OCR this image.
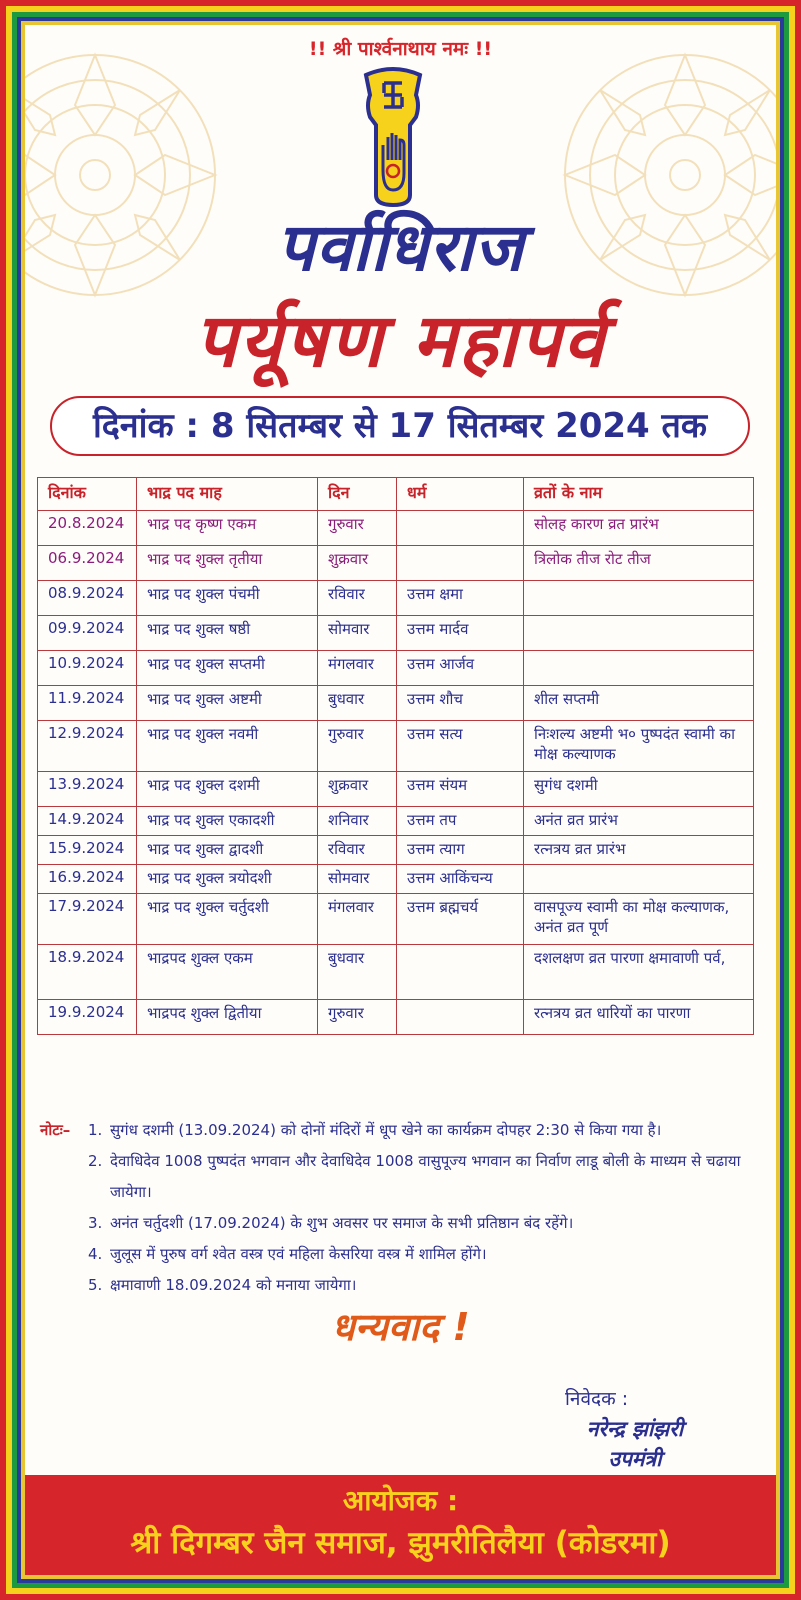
!! श्री पार्श्वनाथाय नमः !!
पर्वाधिराज
पर्यूषण महापर्व
दिनांक : 8 सितम्बर से 17 सितम्बर 2024 तक
दिनांक	भाद्र पद माह	दिन	धर्म	व्रतों के नाम
20.8.2024	भाद्र पद कृष्ण एकम	गुरुवार		सोलह कारण व्रत प्रारंभ
06.9.2024	भाद्र पद शुक्ल तृतीया	शुक्रवार		त्रिलोक तीज रोट तीज
08.9.2024	भाद्र पद शुक्ल पंचमी	रविवार	उत्तम क्षमा	
09.9.2024	भाद्र पद शुक्ल षष्ठी	सोमवार	उत्तम मार्दव	
10.9.2024	भाद्र पद शुक्ल सप्तमी	मंगलवार	उत्तम आर्जव	
11.9.2024	भाद्र पद शुक्ल अष्टमी	बुधवार	उत्तम शौच	शील सप्तमी
12.9.2024	भाद्र पद शुक्ल नवमी	गुरुवार	उत्तम सत्य	निःशल्य अष्टमी भ० पुष्पदंत स्वामी का मोक्ष कल्याणक
13.9.2024	भाद्र पद शुक्ल दशमी	शुक्रवार	उत्तम संयम	सुगंध दशमी
14.9.2024	भाद्र पद शुक्ल एकादशी	शनिवार	उत्तम तप	अनंत व्रत प्रारंभ
15.9.2024	भाद्र पद शुक्ल द्वादशी	रविवार	उत्तम त्याग	रत्नत्रय व्रत प्रारंभ
16.9.2024	भाद्र पद शुक्ल त्रयोदशी	सोमवार	उत्तम आकिंचन्य	
17.9.2024	भाद्र पद शुक्ल चर्तुदशी	मंगलवार	उत्तम ब्रह्मचर्य	वासपूज्य स्वामी का मोक्ष कल्याणक, अनंत व्रत पूर्ण
18.9.2024	भाद्रपद शुक्ल एकम	बुधवार		दशलक्षण व्रत पारणा क्षमावाणी पर्व,
19.9.2024	भाद्रपद शुक्ल द्वितीया	गुरुवार		रत्नत्रय व्रत धारियों का पारणा
नोटः–	1. सुगंध दशमी (13.09.2024) को दोनों मंदिरों में धूप खेने का कार्यक्रम दोपहर 2:30 से किया गया है।
2. देवाधिदेव 1008 पुष्पदंत भगवान और देवाधिदेव 1008 वासुपूज्य भगवान का निर्वाण लाडू बोली के माध्यम से चढाया जायेगा।
3. अनंत चर्तुदशी (17.09.2024) के शुभ अवसर पर समाज के सभी प्रतिष्ठान बंद रहेंगे।
4. जुलूस में पुरुष वर्ग श्वेत वस्त्र एवं महिला केसरिया वस्त्र में शामिल होंगे।
5. क्षमावाणी 18.09.2024 को मनाया जायेगा।
धन्यवाद !
निवेदक :
नरेन्द्र झांझरी
उपमंत्री
आयोजक :
श्री दिगम्बर जैन समाज, झुमरीतिलैया (कोडरमा)
